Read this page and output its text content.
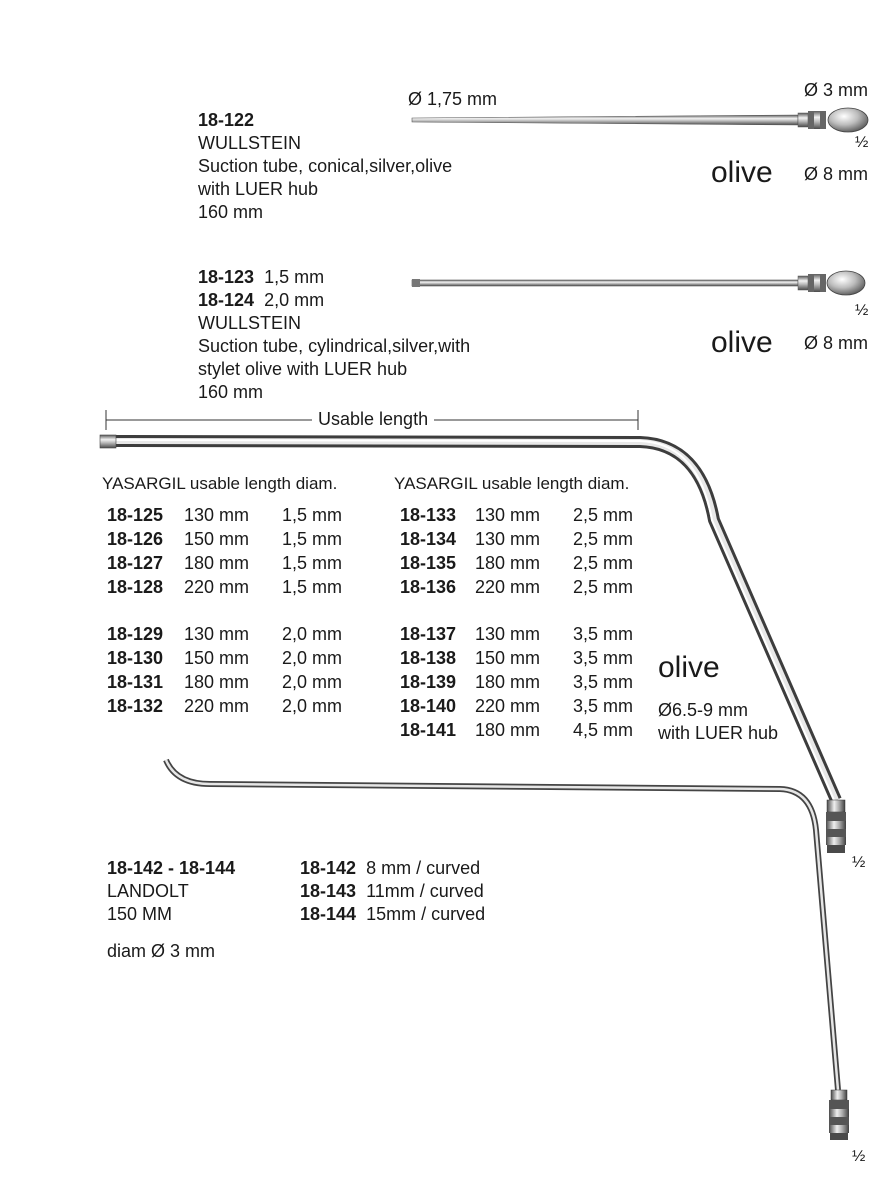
18-122
WULLSTEIN
Suction tube, conical,silver,olive
with LUER hub
160 mm
Ø 1,75 mm	Ø 3 mm
½
olive Ø 8 mm
18-123 1,5 mm
18-124 2,0 mm
WULLSTEIN
Suction tube, cylindrical,silver,with
stylet olive with LUER hub
160 mm
½
olive Ø 8 mm
Usable length
YASARGIL usable length diam.	YASARGIL usable length diam.
18-125 130 mm 1,5 mm
18-126 150 mm 1,5 mm
18-127 180 mm 1,5 mm
18-128 220 mm 1,5 mm
18-129 130 mm 2,0 mm
18-130 150 mm 2,0 mm
18-131 180 mm 2,0 mm
18-132 220 mm 2,0 mm
18-133 130 mm 2,5 mm
18-134 130 mm 2,5 mm
18-135 180 mm 2,5 mm
18-136 220 mm 2,5 mm
18-137 130 mm 3,5 mm
18-138 150 mm 3,5 mm
18-139 180 mm 3,5 mm
18-140 220 mm 3,5 mm
18-141 180 mm 4,5 mm
olive
Ø6.5-9 mm
with LUER hub
½
18-142 - 18-144
LANDOLT
150 MM
diam Ø 3 mm
18-142 8 mm / curved
18-143 11mm / curved
18-144 15mm / curved
½
